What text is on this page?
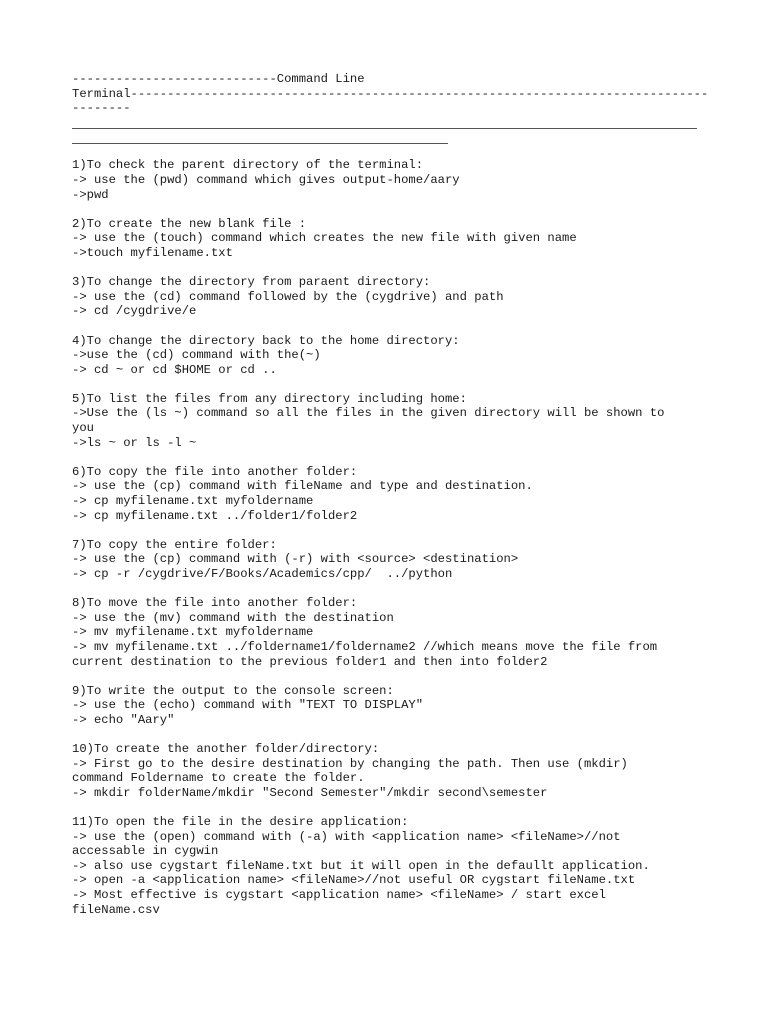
----------------------------Command Line
Terminal-------------------------------------------------------------------------------
--------
1)To check the parent directory of the terminal:
-> use the (pwd) command which gives output-home/aary
->pwd
2)To create the new blank file :
-> use the (touch) command which creates the new file with given name
->touch myfilename.txt
3)To change the directory from paraent directory:
-> use the (cd) command followed by the (cygdrive) and path
-> cd /cygdrive/e
4)To change the directory back to the home directory:
->use the (cd) command with the(~)
-> cd ~ or cd $HOME or cd ..
5)To list the files from any directory including home:
->Use the (ls ~) command so all the files in the given directory will be shown to
you
->ls ~ or ls -l ~
6)To copy the file into another folder:
-> use the (cp) command with fileName and type and destination.
-> cp myfilename.txt myfoldername
-> cp myfilename.txt ../folder1/folder2
7)To copy the entire folder:
-> use the (cp) command with (-r) with <source> <destination>
-> cp -r /cygdrive/F/Books/Academics/cpp/  ../python
8)To move the file into another folder:
-> use the (mv) command with the destination
-> mv myfilename.txt myfoldername
-> mv myfilename.txt ../foldername1/foldername2 //which means move the file from
current destination to the previous folder1 and then into folder2
9)To write the output to the console screen:
-> use the (echo) command with "TEXT TO DISPLAY"
-> echo "Aary"
10)To create the another folder/directory:
-> First go to the desire destination by changing the path. Then use (mkdir)
command Foldername to create the folder.
-> mkdir folderName/mkdir "Second Semester"/mkdir second\semester
11)To open the file in the desire application:
-> use the (open) command with (-a) with <application name> <fileName>//not
accessable in cygwin
-> also use cygstart fileName.txt but it will open in the defaullt application.
-> open -a <application name> <fileName>//not useful OR cygstart fileName.txt
-> Most effective is cygstart <application name> <fileName> / start excel
fileName.csv
